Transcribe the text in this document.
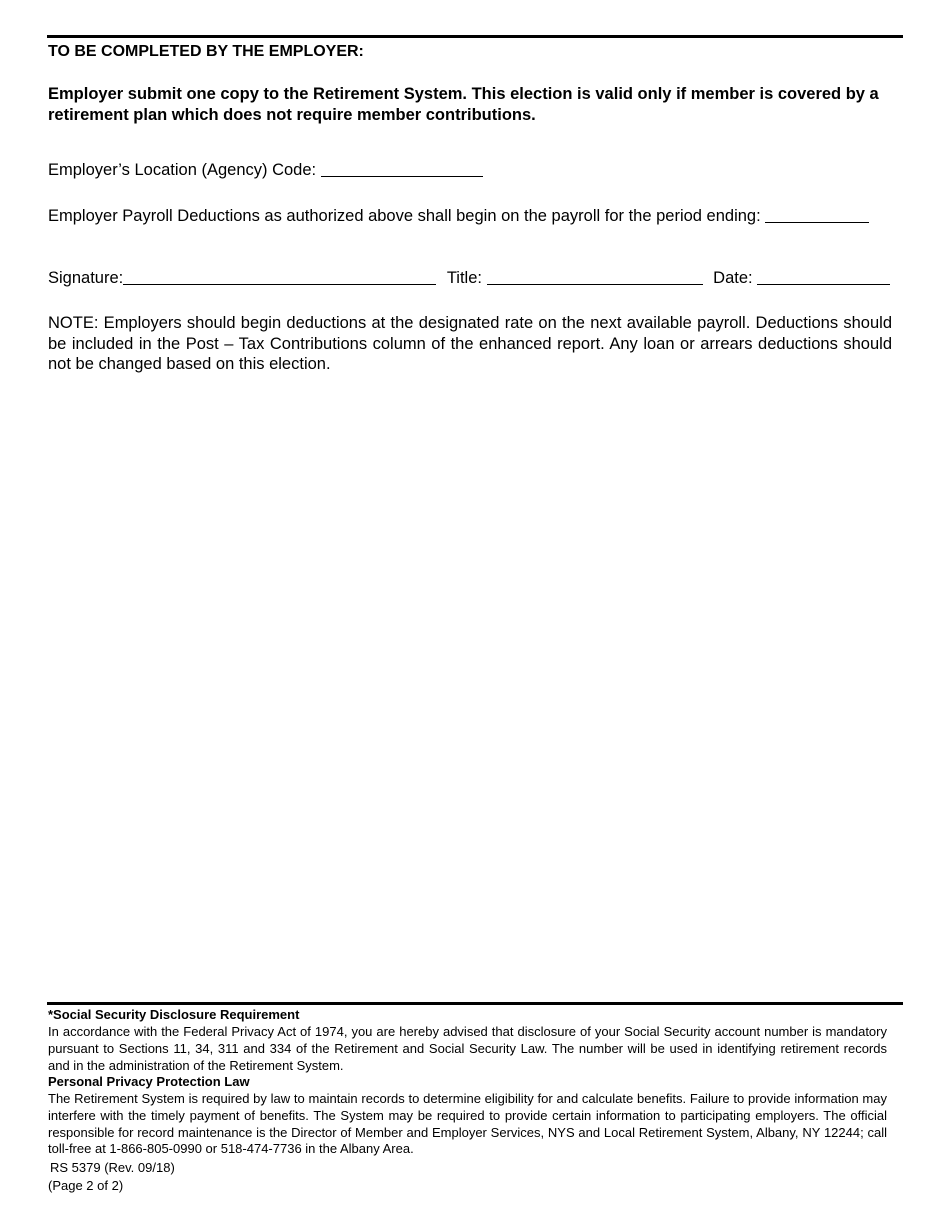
TO BE COMPLETED BY THE EMPLOYER:
Employer submit one copy to the Retirement System. This election is valid only if member is covered by a retirement plan which does not require member contributions.
Employer’s Location (Agency) Code:
Employer Payroll Deductions as authorized above shall begin on the payroll for the period ending:
Signature:	Title:	Date:
NOTE: Employers should begin deductions at the designated rate on the next available payroll. Deductions should be included in the Post – Tax Contributions column of the enhanced report. Any loan or arrears deductions should not be changed based on this election.
*Social Security Disclosure Requirement
In accordance with the Federal Privacy Act of 1974, you are hereby advised that disclosure of your Social Security account number is mandatory pursuant to Sections 11, 34, 311 and 334 of the Retirement and Social Security Law. The number will be used in identifying retirement records and in the administration of the Retirement System.
Personal Privacy Protection Law
The Retirement System is required by law to maintain records to determine eligibility for and calculate benefits. Failure to provide information may interfere with the timely payment of benefits. The System may be required to provide certain information to participating employers. The official responsible for record maintenance is the Director of Member and Employer Services, NYS and Local Retirement System, Albany, NY 12244; call toll-free at 1-866-805-0990 or 518-474-7736 in the Albany Area.
RS 5379 (Rev. 09/18)
(Page 2 of 2)
